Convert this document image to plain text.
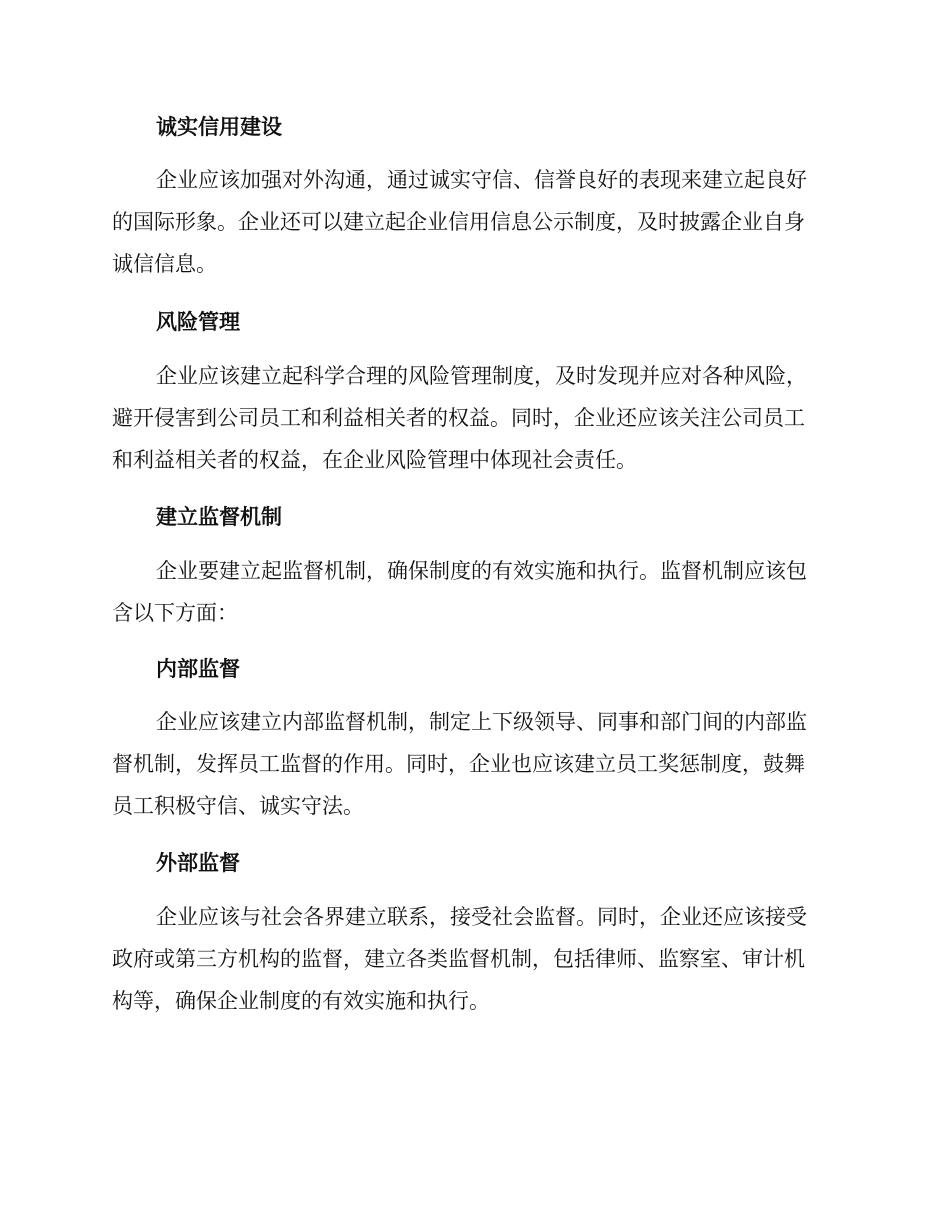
诚实信用建设
企业应该加强对外沟通，通过诚实守信、信誉良好的表现来建立起良好
的国际形象。企业还可以建立起企业信用信息公示制度，及时披露企业自身
诚信信息。
风险管理
企业应该建立起科学合理的风险管理制度，及时发现并应对各种风险，
避开侵害到公司员工和利益相关者的权益。同时，企业还应该关注公司员工
和利益相关者的权益，在企业风险管理中体现社会责任。
建立监督机制
企业要建立起监督机制，确保制度的有效实施和执行。监督机制应该包
含以下方面：
内部监督
企业应该建立内部监督机制，制定上下级领导、同事和部门间的内部监
督机制，发挥员工监督的作用。同时，企业也应该建立员工奖惩制度，鼓舞
员工积极守信、诚实守法。
外部监督
企业应该与社会各界建立联系，接受社会监督。同时，企业还应该接受
政府或第三方机构的监督，建立各类监督机制，包括律师、监察室、审计机
构等，确保企业制度的有效实施和执行。
